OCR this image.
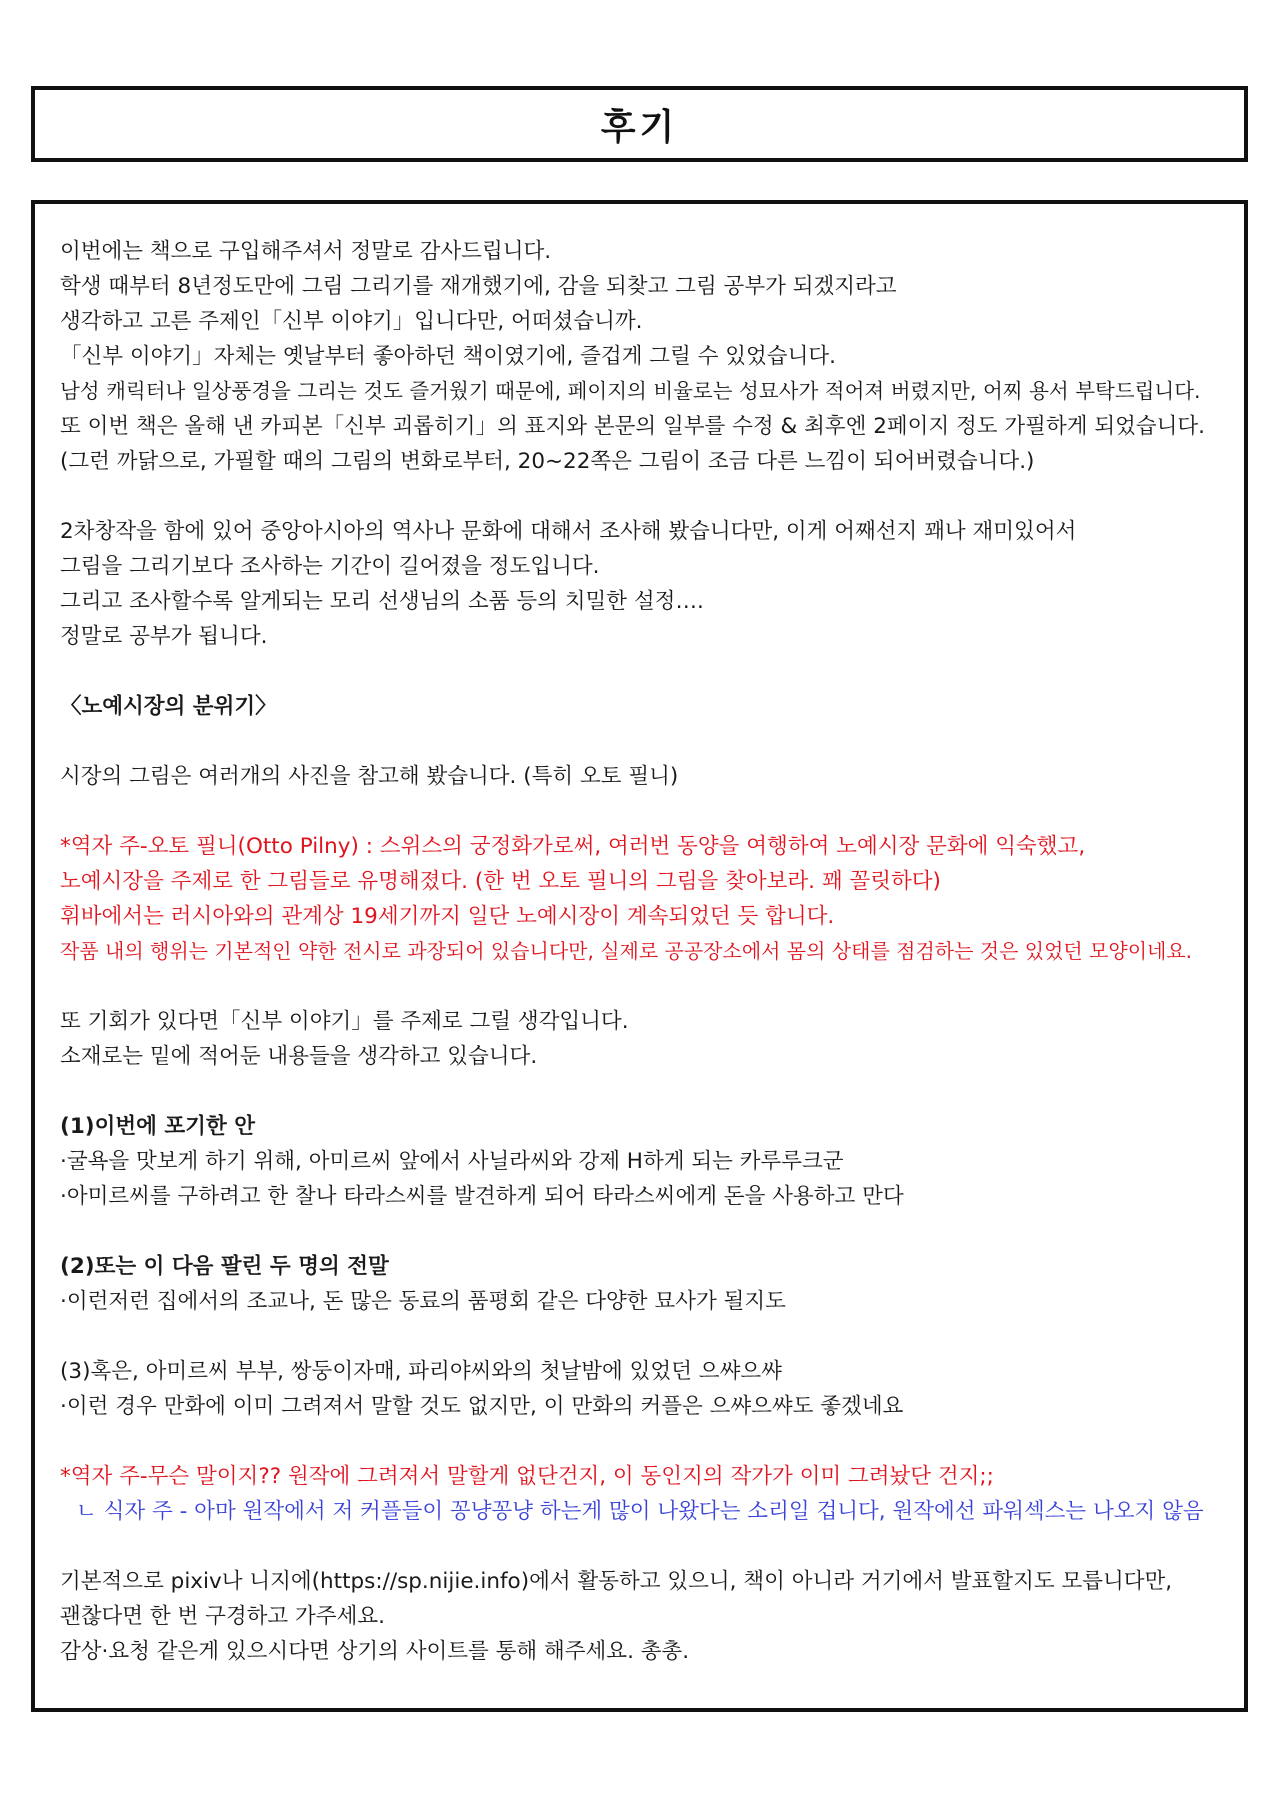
후기
이번에는 책으로 구입해주셔서 정말로 감사드립니다.
학생 때부터 8년정도만에 그림 그리기를 재개했기에, 감을 되찾고 그림 공부가 되겠지라고
생각하고 고른 주제인「신부 이야기」입니다만, 어떠셨습니까.
「신부 이야기」자체는 옛날부터 좋아하던 책이였기에, 즐겁게 그릴 수 있었습니다.
남성 캐릭터나 일상풍경을 그리는 것도 즐거웠기 때문에, 페이지의 비율로는 성묘사가 적어져 버렸지만, 어찌 용서 부탁드립니다.
또 이번 책은 올해 낸 카피본「신부 괴롭히기」의 표지와 본문의 일부를 수정 & 최후엔 2페이지 정도 가필하게 되었습니다.
(그런 까닭으로, 가필할 때의 그림의 변화로부터, 20~22쪽은 그림이 조금 다른 느낌이 되어버렸습니다.)
2차창작을 함에 있어 중앙아시아의 역사나 문화에 대해서 조사해 봤습니다만, 이게 어째선지 꽤나 재미있어서
그림을 그리기보다 조사하는 기간이 길어졌을 정도입니다.
그리고 조사할수록 알게되는 모리 선생님의 소품 등의 치밀한 설정….
정말로 공부가 됩니다.
〈노예시장의 분위기〉
시장의 그림은 여러개의 사진을 참고해 봤습니다. (특히 오토 필니)
*역자 주-오토 필니(Otto Pilny) : 스위스의 궁정화가로써, 여러번 동양을 여행하여 노예시장 문화에 익숙했고,
노예시장을 주제로 한 그림들로 유명해졌다. (한 번 오토 필니의 그림을 찾아보라. 꽤 꼴릿하다)
휘바에서는 러시아와의 관계상 19세기까지 일단 노예시장이 계속되었던 듯 합니다.
작품 내의 행위는 기본적인 약한 전시로 과장되어 있습니다만, 실제로 공공장소에서 몸의 상태를 점검하는 것은 있었던 모양이네요.
또 기회가 있다면「신부 이야기」를 주제로 그릴 생각입니다.
소재로는 밑에 적어둔 내용들을 생각하고 있습니다.
(1)이번에 포기한 안
·굴욕을 맛보게 하기 위해, 아미르씨 앞에서 사닐라씨와 강제 H하게 되는 카루루크군
·아미르씨를 구하려고 한 찰나 타라스씨를 발견하게 되어 타라스씨에게 돈을 사용하고 만다
(2)또는 이 다음 팔린 두 명의 전말
·이런저런 집에서의 조교나, 돈 많은 동료의 품평회 같은 다양한 묘사가 될지도
(3)혹은, 아미르씨 부부, 쌍둥이자매, 파리야씨와의 첫날밤에 있었던 으쌰으쌰
·이런 경우 만화에 이미 그려져서 말할 것도 없지만, 이 만화의 커플은 으쌰으쌰도 좋겠네요
*역자 주-무슨 말이지?? 원작에 그려져서 말할게 없단건지, 이 동인지의 작가가 이미 그려놨단 건지;;
ㄴ 식자 주 - 아마 원작에서 저 커플들이 꽁냥꽁냥 하는게 많이 나왔다는 소리일 겁니다, 원작에선 파워섹스는 나오지 않음
기본적으로 pixiv나 니지에(https://sp.nijie.info)에서 활동하고 있으니, 책이 아니라 거기에서 발표할지도 모릅니다만,
괜찮다면 한 번 구경하고 가주세요.
감상·요청 같은게 있으시다면 상기의 사이트를 통해 해주세요. 총총.
